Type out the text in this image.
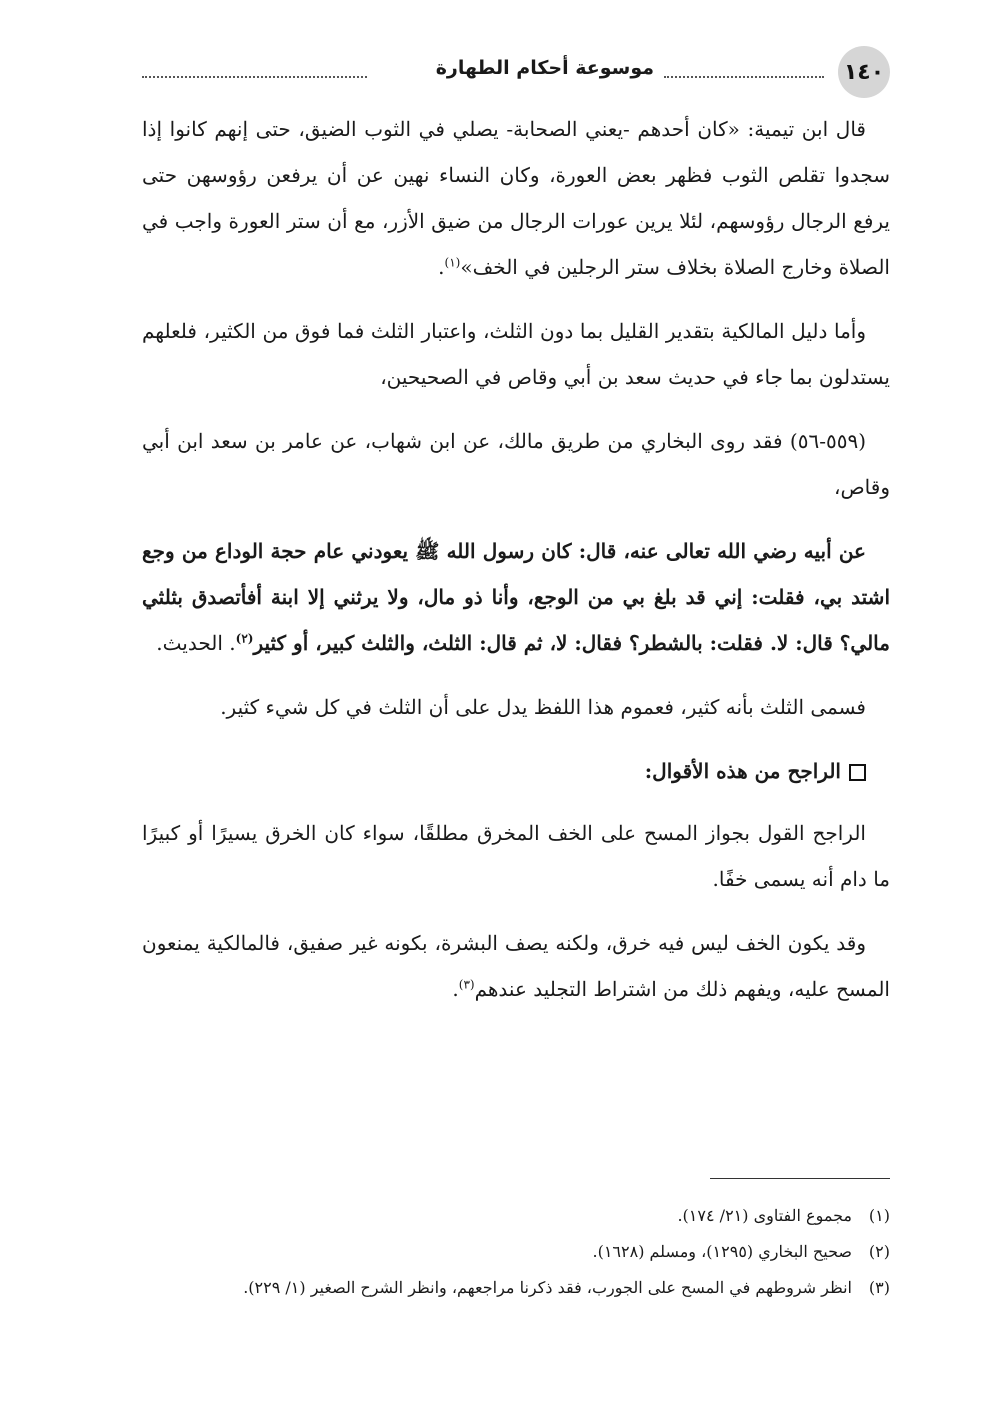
١٤٠
موسوعة أحكام الطهارة

قال ابن تيمية: «كان أحدهم -يعني الصحابة- يصلي في الثوب الضيق، حتى إنهم كانوا إذا سجدوا تقلص الثوب فظهر بعض العورة، وكان النساء نهين عن أن يرفعن رؤوسهن حتى يرفع الرجال رؤوسهم، لئلا يرين عورات الرجال من ضيق الأزر، مع أن ستر العورة واجب في الصلاة وخارج الصلاة بخلاف ستر الرجلين في الخف»$^{(١)}$.

وأما دليل المالكية بتقدير القليل بما دون الثلث، واعتبار الثلث فما فوق من الكثير، فلعلهم يستدلون بما جاء في حديث سعد بن أبي وقاص في الصحيحين،

(٥٥٩-٥٦) فقد روى البخاري من طريق مالك، عن ابن شهاب، عن عامر بن سعد ابن أبي وقاص،

عن أبيه رضي الله تعالى عنه، قال: كان رسول الله ﷺ يعودني عام حجة الوداع من وجع اشتد بي، فقلت: إني قد بلغ بي من الوجع، وأنا ذو مال، ولا يرثني إلا ابنة أفأتصدق بثلثي مالي؟ قال: لا. فقلت: بالشطر؟ فقال: لا، ثم قال: الثلث، والثلث كبير، أو كثير$^{(٢)}$. الحديث.

فسمى الثلث بأنه كثير، فعموم هذا اللفظ يدل على أن الثلث في كل شيء كثير.

الراجح من هذه الأقوال:

الراجح القول بجواز المسح على الخف المخرق مطلقًا، سواء كان الخرق يسيرًا أو كبيرًا ما دام أنه يسمى خفًا.

وقد يكون الخف ليس فيه خرق، ولكنه يصف البشرة، بكونه غير صفيق، فالمالكية يمنعون المسح عليه، ويفهم ذلك من اشتراط التجليد عندهم$^{(٣)}$.

(١)مجموع الفتاوى (٢١/ ١٧٤).

(٢)صحيح البخاري (١٢٩٥)، ومسلم (١٦٢٨).

(٣)انظر شروطهم في المسح على الجورب، فقد ذكرنا مراجعهم، وانظر الشرح الصغير (١/ ٢٢٩).
